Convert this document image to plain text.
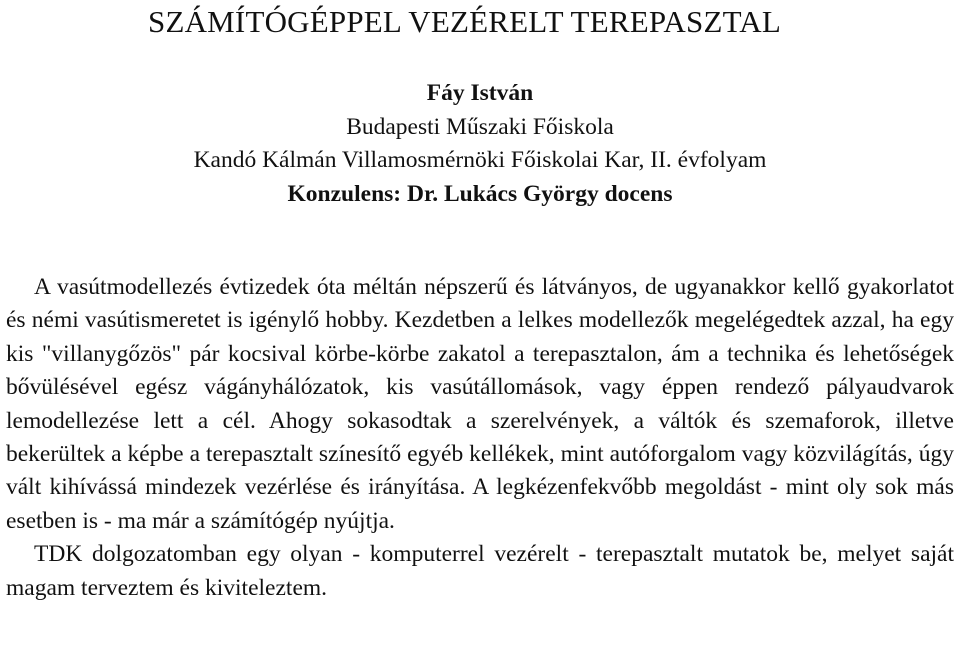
SZÁMÍTÓGÉPPEL VEZÉRELT TEREPASZTAL
Fáy István
Budapesti Műszaki Főiskola
Kandó Kálmán Villamosmérnöki Főiskolai Kar, II. évfolyam
Konzulens: Dr. Lukács György docens

A vasútmodellezés évtizedek óta méltán népszerű és látványos, de ugyanakkor kellő gyakorlatot és némi vasútismeretet is igénylő hobby. Kezdetben a lelkes modellezők megelégedtek azzal, ha egy kis "villanygőzös" pár kocsival körbe-körbe zakatol a terepasztalon, ám a technika és lehetőségek bővülésével egész vágányhálózatok, kis vasútállomások, vagy éppen rendező pályaudvarok lemodellezése lett a cél. Ahogy sokasodtak a szerelvények, a váltók és szemaforok, illetve bekerültek a képbe a terepasztalt színesítő egyéb kellékek, mint autóforgalom vagy közvilágítás, úgy vált kihívássá mindezek vezérlése és irányítása. A legkézenfekvőbb megoldást - mint oly sok más esetben is - ma már a számítógép nyújtja.

TDK dolgozatomban egy olyan - komputerrel vezérelt - terepasztalt mutatok be, melyet saját magam terveztem és kiviteleztem.
